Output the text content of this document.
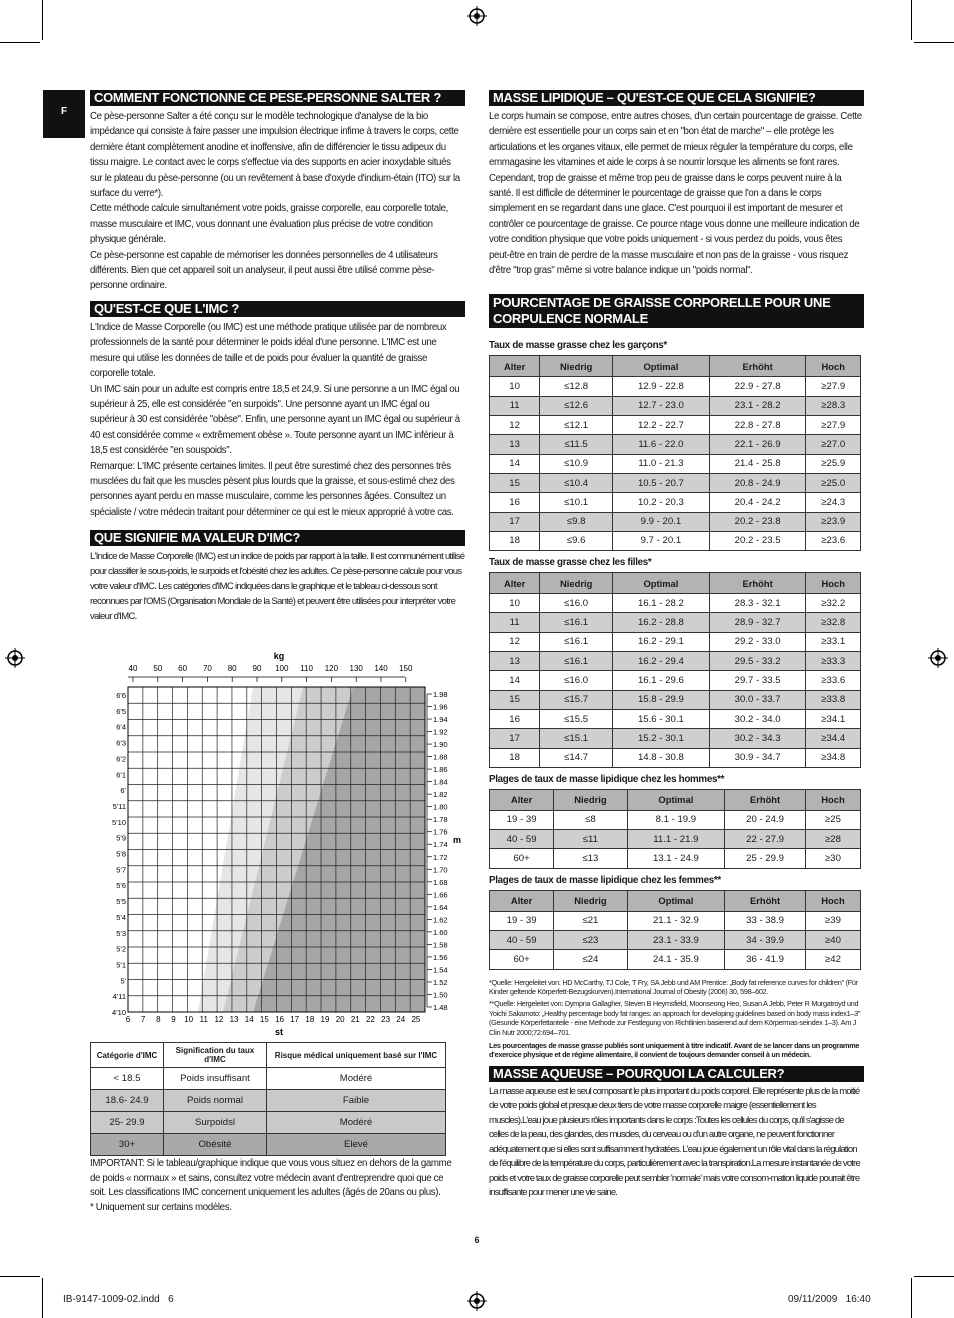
F
COMMENT FONCTIONNE CE PESE-PERSONNE SALTER ?

Ce pèse-personne Salter a été conçu sur le modèle technologique d'analyse de la bio impédance qui consiste à faire passer une impulsion électrique infime à travers le corps, cette dernière étant complètement anodine et inoffensive, afin de différencier le tissu adipeux du tissu maigre. Le contact avec le corps s'effectue via des supports en acier inoxydable situés sur le plateau du pèse-personne (ou un revêtement à base d'oxyde d'indium-étain (ITO) sur la surface du verre*).

Cette méthode calcule simultanément votre poids, graisse corporelle, eau corporelle totale, masse musculaire et IMC, vous donnant une évaluation plus précise de votre condition physique générale.

Ce pèse-personne est capable de mémoriser les données personnelles de 4 utilisateurs différents. Bien que cet appareil soit un analyseur, il peut aussi être utilisé comme pèse-personne ordinaire.

QU'EST-CE QUE L'IMC ?

L'Indice de Masse Corporelle (ou IMC) est une méthode pratique utilisée par de nombreux professionnels de la santé pour déterminer le poids idéal d'une personne. L'IMC est une mesure qui utilise les données de taille et de poids pour évaluer la quantité de graisse corporelle totale.

Un IMC sain pour un adulte est compris entre 18,5 et 24,9. Si une personne a un IMC égal ou supérieur à 25, elle est considérée "en surpoids". Une personne ayant un IMC égal ou supérieur à 30 est considérée "obèse". Enfin, une personne ayant un IMC égal ou supérieur à 40 est considérée comme « extrêmement obèse ». Toute personne ayant un IMC inférieur à 18,5 est considérée "en souspoids".

Remarque: L'IMC présente certaines limites. Il peut être surestimé chez des personnes très musclées du fait que les muscles pèsent plus lourds que la graisse, et sous-estimé chez des personnes ayant perdu en masse musculaire, comme les personnes âgées. Consultez un spécialiste / votre médecin traitant pour déterminer ce qui est le mieux approprié à votre cas.

QUE SIGNIFIE MA VALEUR D'IMC?

L'Indice de Masse Corporelle (IMC) est un indice de poids par rapport à la taille. Il est communément utilisé pour classifier le sous-poids, le surpoids et l'obésité chez les adultes. Ce pèse-personne calcule pour vous votre valeur d'IMC. Les catégories d'IMC indiquées dans le graphique et le tableau ci-dessous sont reconnues par l'OMS (Organisation Mondiale de la Santé) et peuvent être utilisées pour interpréter votre valeur d'IMC.

40 50 60 70 80 90 100 110 120 130 140 150
kg
6 7 8 9 10 11 12 13 14 15 16 17 18 19 20 21 22 23 24 25
st
6'6
6'5
6'4
6'3
6'2
6'1
6'
5'11
5'10
5'9
5'8
5'7
5'6
5'5
5'4
5'3
5'2
5'1
5'
4'11
4'10
1.98
1.96
1.94
1.92
1.90
1.88
1.86
1.84
1.82
1.80
1.78
1.76
1.74
1.72
1.70
1.68
1.66
1.64
1.62
1.60
1.58
1.56
1.54
1.52
1.50
1.48
m
Catégorie d'IMC	Signification du taux d'IMC	Risque médical uniquement basé sur l'IMC
< 18.5	Poids insuffisant	Modéré
18.6- 24.9	Poids normal	Faible
25- 29.9	Surpoidsl	Modéré
30+	Obésité	Elevé

IMPORTANT: Si le tableau/graphique indique que vous vous situez en dehors de la gamme de poids « normaux » et sains, consultez votre médecin avant d'entreprendre quoi que ce soit. Les classifications IMC concernent uniquement les adultes (âgés de 20ans ou plus).

* Uniquement sur certains modèles.

MASSE LIPIDIQUE – QU'EST-CE QUE CELA SIGNIFIE?

Le corps humain se compose, entre autres choses, d'un certain pourcentage de graisse. Cette dernière est essentielle pour un corps sain et en "bon état de marche" – elle protège les articulations et les organes vitaux, elle permet de mieux réguler la température du corps, elle emmagasine les vitamines et aide le corps à se nourrir lorsque les aliments se font rares. Cependant, trop de graisse et même trop peu de graisse dans le corps peuvent nuire à la santé. Il est difficile de déterminer le pourcentage de graisse que l'on a dans le corps simplement en se regardant dans une glace. C'est pourquoi il est important de mesurer et contrôler ce pourcentage de graisse. Ce pource ntage vous donne une meilleure indication de votre condition physique que votre poids uniquement - si vous perdez du poids, vous êtes peut-être en train de perdre de la masse musculaire et non pas de la graisse - vous risquez d'être "trop gras" même si votre balance indique un "poids normal".

POURCENTAGE DE GRAISSE CORPORELLE POUR UNE CORPULENCE NORMALE
Taux de masse grasse chez les garçons*
Alter	Niedrig	Optimal	Erhöht	Hoch
10	≤12.8	12.9 - 22.8	22.9 - 27.8	≥27.9
11	≤12.6	12.7 - 23.0	23.1 - 28.2	≥28.3
12	≤12.1	12.2 - 22.7	22.8 - 27.8	≥27.9
13	≤11.5	11.6 - 22.0	22.1 - 26.9	≥27.0
14	≤10.9	11.0 - 21.3	21.4 - 25.8	≥25.9
15	≤10.4	10.5 - 20.7	20.8 - 24.9	≥25.0
16	≤10.1	10.2 - 20.3	20.4 - 24.2	≥24.3
17	≤9.8	9.9 - 20.1	20.2 - 23.8	≥23.9
18	≤9.6	9.7 - 20.1	20.2 - 23.5	≥23.6
Taux de masse grasse chez les filles*
Alter	Niedrig	Optimal	Erhöht	Hoch
10	≤16.0	16.1 - 28.2	28.3 - 32.1	≥32.2
11	≤16.1	16.2 - 28.8	28.9 - 32.7	≥32.8
12	≤16.1	16.2 - 29.1	29.2 - 33.0	≥33.1
13	≤16.1	16.2 - 29.4	29.5 - 33.2	≥33.3
14	≤16.0	16.1 - 29.6	29.7 - 33.5	≥33.6
15	≤15.7	15.8 - 29.9	30.0 - 33.7	≥33.8
16	≤15.5	15.6 - 30.1	30.2 - 34.0	≥34.1
17	≤15.1	15.2 - 30.1	30.2 - 34.3	≥34.4
18	≤14.7	14.8 - 30.8	30.9 - 34.7	≥34.8
Plages de taux de masse lipidique chez les hommes**
Alter	Niedrig	Optimal	Erhöht	Hoch
19 - 39	≤8	8.1 - 19.9	20 - 24.9	≥25
40 - 59	≤11	11.1 - 21.9	22 - 27.9	≥28
60+	≤13	13.1 - 24.9	25 - 29.9	≥30
Plages de taux de masse lipidique chez les femmes**
Alter	Niedrig	Optimal	Erhöht	Hoch
19 - 39	≤21	21.1 - 32.9	33 - 38.9	≥39
40 - 59	≤23	23.1 - 33.9	34 - 39.9	≥40
60+	≤24	24.1 - 35.9	36 - 41.9	≥42

*Quelle: Hergeleitet von: HD McCarthy, TJ Cole, T Fry, SA Jebb und AM Prentice: „Body fat reference curves for children" (Für Kinder geltende Körperfett-Bezugskurven).International Journal of Obesity (2006) 30, 598–602.

**Quelle: Hergeleitet von: Dympna Gallagher, Steven B Heymsfield, Moonseong Heo, Susan A Jebb, Peter R Murgatroyd und Yoichi Sakamoto: „Healthy percentage body fat ranges: an approach for developing guidelines based on body mass index1–3" (Gesunde Körperfettanteile - eine Methode zur Festlegung von Richtlinien basierend auf dem Körpermas-seindex 1–3). Am J Clin Nutr 2000;72:694–701.

Les pourcentages de masse grasse publiés sont uniquement à titre indicatif. Avant de se lancer dans un programme d'exercice physique et de régime alimentaire, il convient de toujours demander conseil à un médecin.

MASSE AQUEUSE – POURQUOI LA CALCULER?

La masse aqueuse est le seul composant le plus important du poids corporel. Elle représente plus de la moitié de votre poids global et presque deux tiers de votre masse corporelle maigre (essentiellement les muscles).L'eau joue plusieurs rôles importants dans le corps :Toutes les cellules du corps, qu'il s'agisse de celles de la peau, des glandes, des muscles, du cerveau ou d'un autre organe, ne peuvent fonctionner adéquatement que si elles sont suffisamment hydratées. L'eau joue également un rôle vital dans la régulation de l'équilibre de la température du corps, particulièrement avec la transpiration.La mesure instantanée de votre poids et votre taux de graisse corporelle peut sembler 'normale' mais votre consom-mation liquide pourrait être insuffisante pour mener une vie saine.

6
IB-9147-1009-02.indd   6	09/11/2009   16:40
